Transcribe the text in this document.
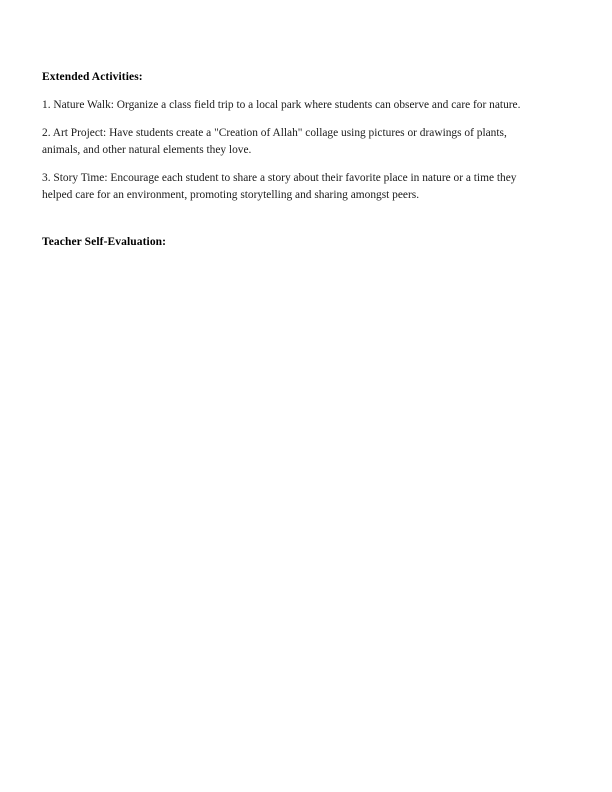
Extended Activities:

1. Nature Walk: Organize a class field trip to a local park where students can observe and care for nature.

2. Art Project: Have students create a "Creation of Allah" collage using pictures or drawings of plants, animals, and other natural elements they love.

3. Story Time: Encourage each student to share a story about their favorite place in nature or a time they helped care for an environment, promoting storytelling and sharing amongst peers.

Teacher Self-Evaluation:
